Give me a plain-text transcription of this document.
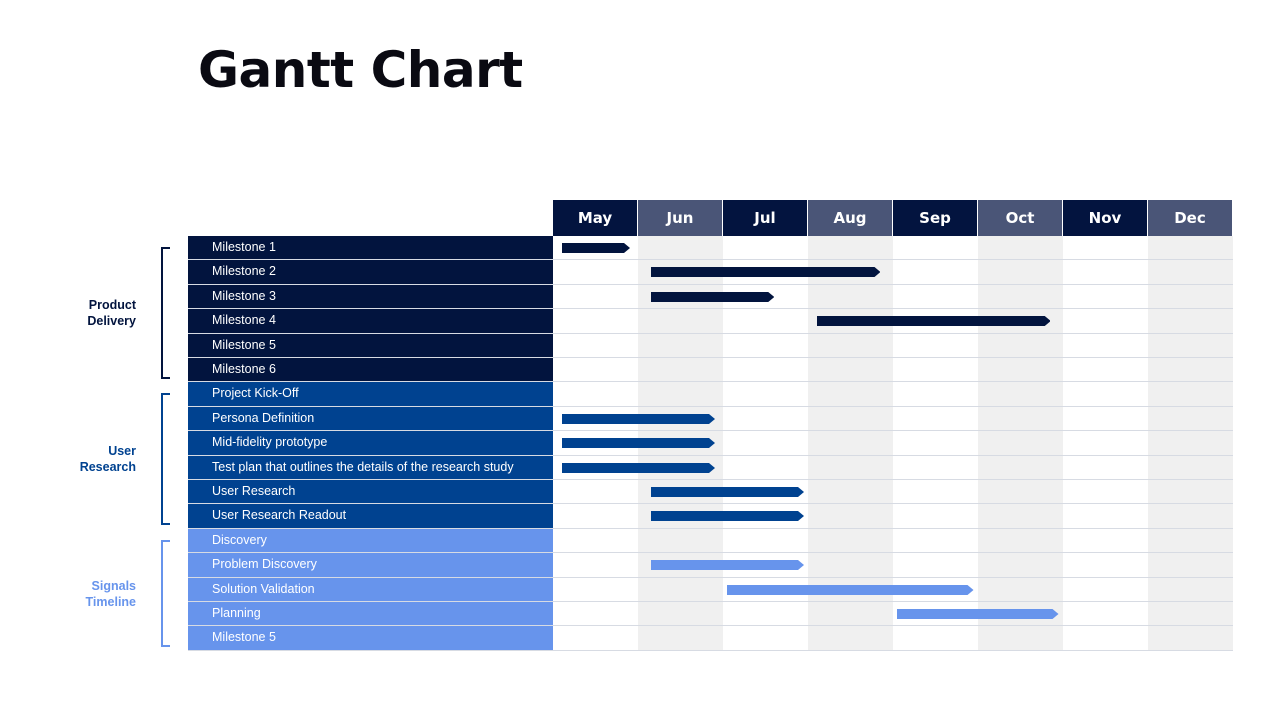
Gantt Chart
May	Jun	Jul	Aug	Sep	Oct	Nov	Dec
Milestone 1
Milestone 2
Milestone 3
Milestone 4
Milestone 5
Milestone 6
Product
Delivery
Project Kick-Off
Persona Definition
Mid-fidelity prototype
Test plan that outlines the details of the research study
User Research
User Research Readout
User
Research
Discovery
Problem Discovery
Solution Validation
Planning
Milestone 5
Signals
Timeline
